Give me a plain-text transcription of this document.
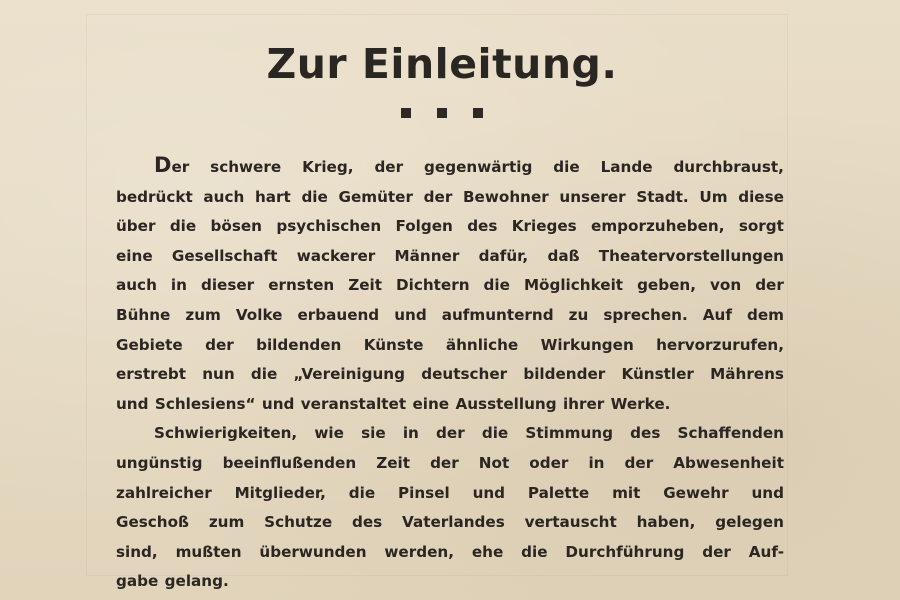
Zur Einleitung.
Der schwere Krieg, der gegenwärtig die Lande durchbraust,
bedrückt auch hart die Gemüter der Bewohner unserer Stadt. Um diese
über die bösen psychischen Folgen des Krieges emporzuheben, sorgt
eine Gesellschaft wackerer Männer dafür, daß Theatervorstellungen
auch in dieser ernsten Zeit Dichtern die Möglichkeit geben, von der
Bühne zum Volke erbauend und aufmunternd zu sprechen. Auf dem
Gebiete der bildenden Künste ähnliche Wirkungen hervorzurufen,
erstrebt nun die „Vereinigung deutscher bildender Künstler Mährens
und Schlesiens“ und veranstaltet eine Ausstellung ihrer Werke.
Schwierigkeiten, wie sie in der die Stimmung des Schaffenden
ungünstig beeinflußenden Zeit der Not oder in der Abwesenheit
zahlreicher Mitglieder, die Pinsel und Palette mit Gewehr und
Geschoß zum Schutze des Vaterlandes vertauscht haben, gelegen
sind, mußten überwunden werden, ehe die Durchführung der Auf-
gabe gelang.
